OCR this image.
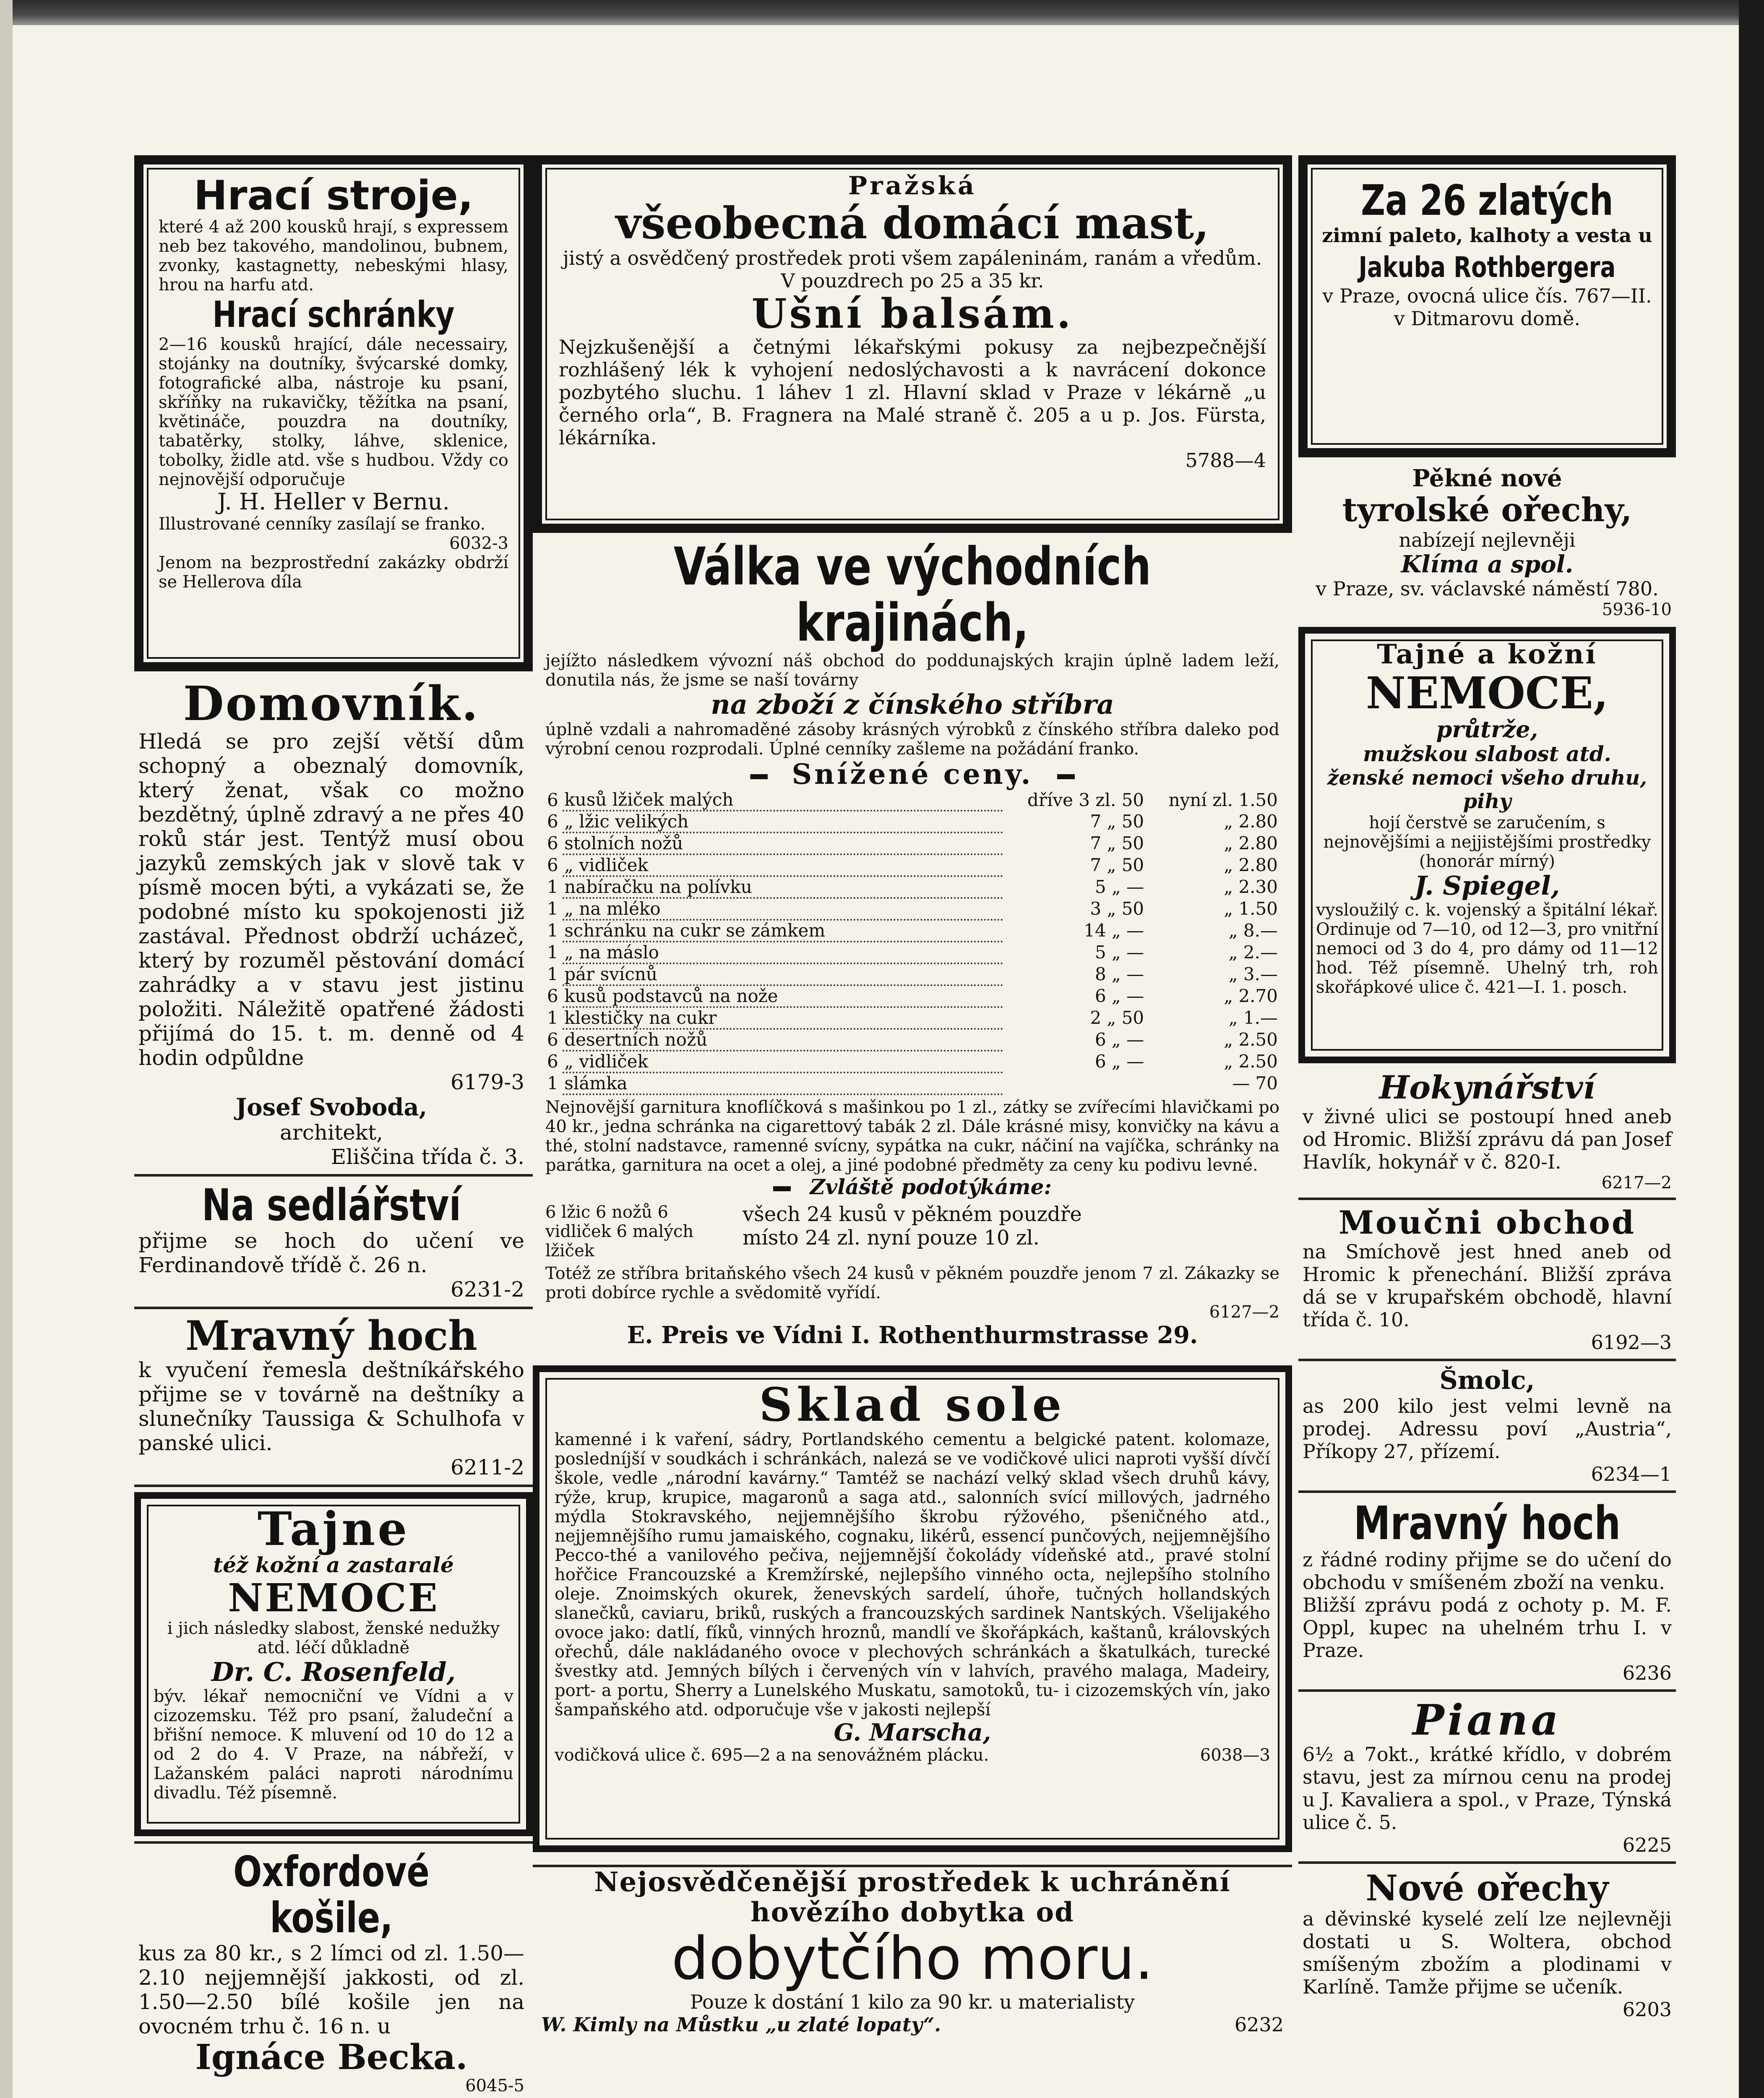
Hrací stroje,

které 4 až 200 kousků hrají, s expressem neb bez takového, mandolinou, bubnem, zvonky, kastagnetty, nebeskými hlasy, hrou na harfu atd.

Hrací schránky

2—16 kousků hrající, dále necessairy, stojánky na doutníky, švýcarské domky, fotografické alba, nástroje ku psaní, skříňky na rukavičky, těžítka na psaní, květináče, pouzdra na doutníky, tabatěrky, stolky, láhve, sklenice, tobolky, židle atd. vše s hudbou. Vždy co nejnovější odporučuje

J. H. Heller v Bernu.
Illustrované cenníky zasílají se franko.
6032-3

Jenom na bezprostřední zakázky obdrží se Hellerova díla

Domovník.

Hledá se pro zejší větší dům schopný a obeznalý domovník, který ženat, však co možno bezdětný, úplně zdravý a ne přes 40 roků stár jest. Tentýž musí obou jazyků zemských jak v slově tak v písmě mocen býti, a vykázati se, že podobné místo ku spokojenosti již zastával. Přednost obdrží ucházeč, který by rozuměl pěstování domácí zahrádky a v stavu jest jistinu položiti. Náležitě opatřené žádosti přijímá do 15. t. m. denně od 4 hodin odpůldne

6179-3
Josef Svoboda,
architekt,
Eliščina třída č. 3.
Na sedlářství

přijme se hoch do učení ve Ferdinandově třídě č. 26 n.

6231-2
Mravný hoch

k vyučení řemesla deštníkářského přijme se v továrně na deštníky a slunečníky Taussiga & Schulhofa v panské ulici.

6211-2
Tajne
též kožní a zastaralé
NEMOCE

i jich následky slabost, ženské nedužky atd. léčí důkladně

Dr. C. Rosenfeld,

býv. lékař nemocniční ve Vídni a v cizozemsku. Též pro psaní, žaludeční a břišní nemoce. K mluvení od 10 do 12 a od 2 do 4. V Praze, na nábřeží, v Lažanském paláci naproti národnímu divadlu. Též písemně.

Oxfordové košile,

kus za 80 kr., s 2 límci od zl. 1.50—2.10 nejjemnější jakkosti, od zl. 1.50—2.50 bílé košile jen na ovocném trhu č. 16 n. u

Ignáce Becka.
6045-5
Pražská
všeobecná domácí mast,

jistý a osvědčený prostředek proti všem zapáleninám, ranám a vředům. V pouzdrech po 25 a 35 kr.

Ušní balsám.

Nejzkušenější a četnými lékařskými pokusy za nejbezpečnější rozhlášený lék k vyhojení nedoslýchavosti a k navrácení dokonce pozbytého sluchu. 1 láhev 1 zl. Hlavní sklad v Praze v lékárně „u černého orla“, B. Fragnera na Malé straně č. 205 a u p. Jos. Fürsta, lékárníka.

5788—4
Válka ve východních krajinách,

jejížto následkem vývozní náš obchod do poddunajských krajin úplně ladem leží, donutila nás, že jsme se naší továrny

na zboží z čínského stříbra

úplně vzdali a nahromaděné zásoby krásných výrobků z čínského stříbra daleko pod výrobní cenou rozprodali. Úplné cenníky zašleme na požádání franko.

Snížené ceny.
6	kusů lžiček malých	dříve 3 zl. 50	nyní zl. 1.50
6	„ lžic velikých	7 „ 50	„ 2.80
6	stolních nožů	7 „ 50	„ 2.80
6	„ vidliček	7 „ 50	„ 2.80
1	nabíračku na polívku	5 „ —	„ 2.30
1	„ na mléko	3 „ 50	„ 1.50
1	schránku na cukr se zámkem	14 „ —	„ 8.—
1	„ na máslo	5 „ —	„ 2.—
1	pár svícnů	8 „ —	„ 3.—
6	kusů podstavců na nože	6 „ —	„ 2.70
1	klestičky na cukr	2 „ 50	„ 1.—
6	desertních nožů	6 „ —	„ 2.50
6	„ vidliček	6 „ —	„ 2.50
1	slámka		— 70

Nejnovější garnitura knoflíčková s mašinkou po 1 zl., zátky se zvířecími hlavičkami po 40 kr., jedna schránka na cigarettový tabák 2 zl. Dále krásné misy, konvičky na kávu a thé, stolní nadstavce, ramenné svícny, sypátka na cukr, náčiní na vajíčka, schránky na parátka, garnitura na ocet a olej, a jiné podobné předměty za ceny ku podivu levné.

Zvláště podotýkáme:
6 lžic 6 nožů 6 vidliček 6 malých lžiček
všech 24 kusů v pěkném pouzdře
místo 24 zl. nyní pouze 10 zl.

Totéž ze stříbra britaňského všech 24 kusů v pěkném pouzdře jenom 7 zl. Zákazky se proti dobírce rychle a svědomitě vyřídí.

6127—2
E. Preis ve Vídni I. Rothenthurmstrasse 29.
Sklad sole

kamenné i k vaření, sádry, Portlandského cementu a belgické patent. kolomaze, posledníjší v soudkách i schránkách, nalezá se ve vodičkové ulici naproti vyšší dívčí škole, vedle „národní kavárny.“ Tamtéž se nachází velký sklad všech druhů kávy, rýže, krup, krupice, magaronů a saga atd., salonních svící millových, jadrného mýdla Stokravského, nejjemnějšího škrobu rýžového, pšeničného atd., nejjemnějšího rumu jamaiského, cognaku, likérů, essencí punčových, nejjemnějšího Pecco-thé a vanilového pečiva, nejjemnější čokolády vídeňské atd., pravé stolní hořčice Francouzské a Kremžírské, nejlepšího vinného octa, nejlepšího stolního oleje. Znoimských okurek, ženevských sardelí, úhoře, tučných hollandských slanečků, caviaru, briků, ruských a francouzských sardinek Nantských. Všelijakého ovoce jako: datlí, fíků, vinných hroznů, mandlí ve škořápkách, kaštanů, královských ořechů, dále nakládaného ovoce v plechových schránkách a škatulkách, turecké švestky atd. Jemných bílých i červených vín v lahvích, pravého malaga, Madeiry, port- a portu, Sherry a Lunelského Muskatu, samotoků, tu- i cizozemských vín, jako šampaňského atd. odporučuje vše v jakosti nejlepší

G. Marscha,
vodičková ulice č. 695—2 a na senovážném plácku.	6038—3
Nejosvědčenější prostředek k uchránění hovězího dobytka od
dobytčího moru.

Pouze k dostání 1 kilo za 90 kr. u materialisty

W. Kimly na Můstku „u zlaté lopaty“.	6232
Za 26 zlatých

zimní paleto, kalhoty a vesta u

Jakuba Rothbergera

v Praze, ovocná ulice čís. 767—II. v Ditmarovu domě.

Pěkné nové
tyrolské ořechy,

nabízejí nejlevněji

Klíma a spol.

v Praze, sv. václavské náměstí 780.

5936-10
Tajné a kožní
NEMOCE,
průtrže,
mužskou slabost atd.
ženské nemoci všeho druhu, pihy

hojí čerstvě se zaručením, s nejnovějšími a nejjistějšími prostředky (honorár mírný)

J. Spiegel,

vysloužilý c. k. vojenský a špitální lékař. Ordinuje od 7—10, od 12—3, pro vnitřní nemoci od 3 do 4, pro dámy od 11—12 hod. Též písemně. Uhelný trh, roh skořápkové ulice č. 421—I. 1. posch.

Hokynářství

v živné ulici se postoupí hned aneb od Hromic. Bližší zprávu dá pan Josef Havlík, hokynář v č. 820-I.

6217—2
Moučni obchod

na Smíchově jest hned aneb od Hromic k přenechání. Bližší zpráva dá se v krupařském obchodě, hlavní třída č. 10.

6192—3
Šmolc,

as 200 kilo jest velmi levně na prodej. Adressu poví „Austria“, Příkopy 27, přízemí.

6234—1
Mravný hoch

z řádné rodiny přijme se do učení do obchodu v smíšeném zboží na venku.

Bližší zprávu podá z ochoty p. M. F. Oppl, kupec na uhelném trhu I. v Praze.

6236
Piana

6½ a 7okt., krátké křídlo, v dobrém stavu, jest za mírnou cenu na prodej u J. Kavaliera a spol., v Praze, Týnská ulice č. 5.

6225
Nové ořechy

a děvinské kyselé zelí lze nejlevněji dostati u S. Woltera, obchod smíšeným zbožím a plodinami v Karlíně. Tamže přijme se učeník.

6203
